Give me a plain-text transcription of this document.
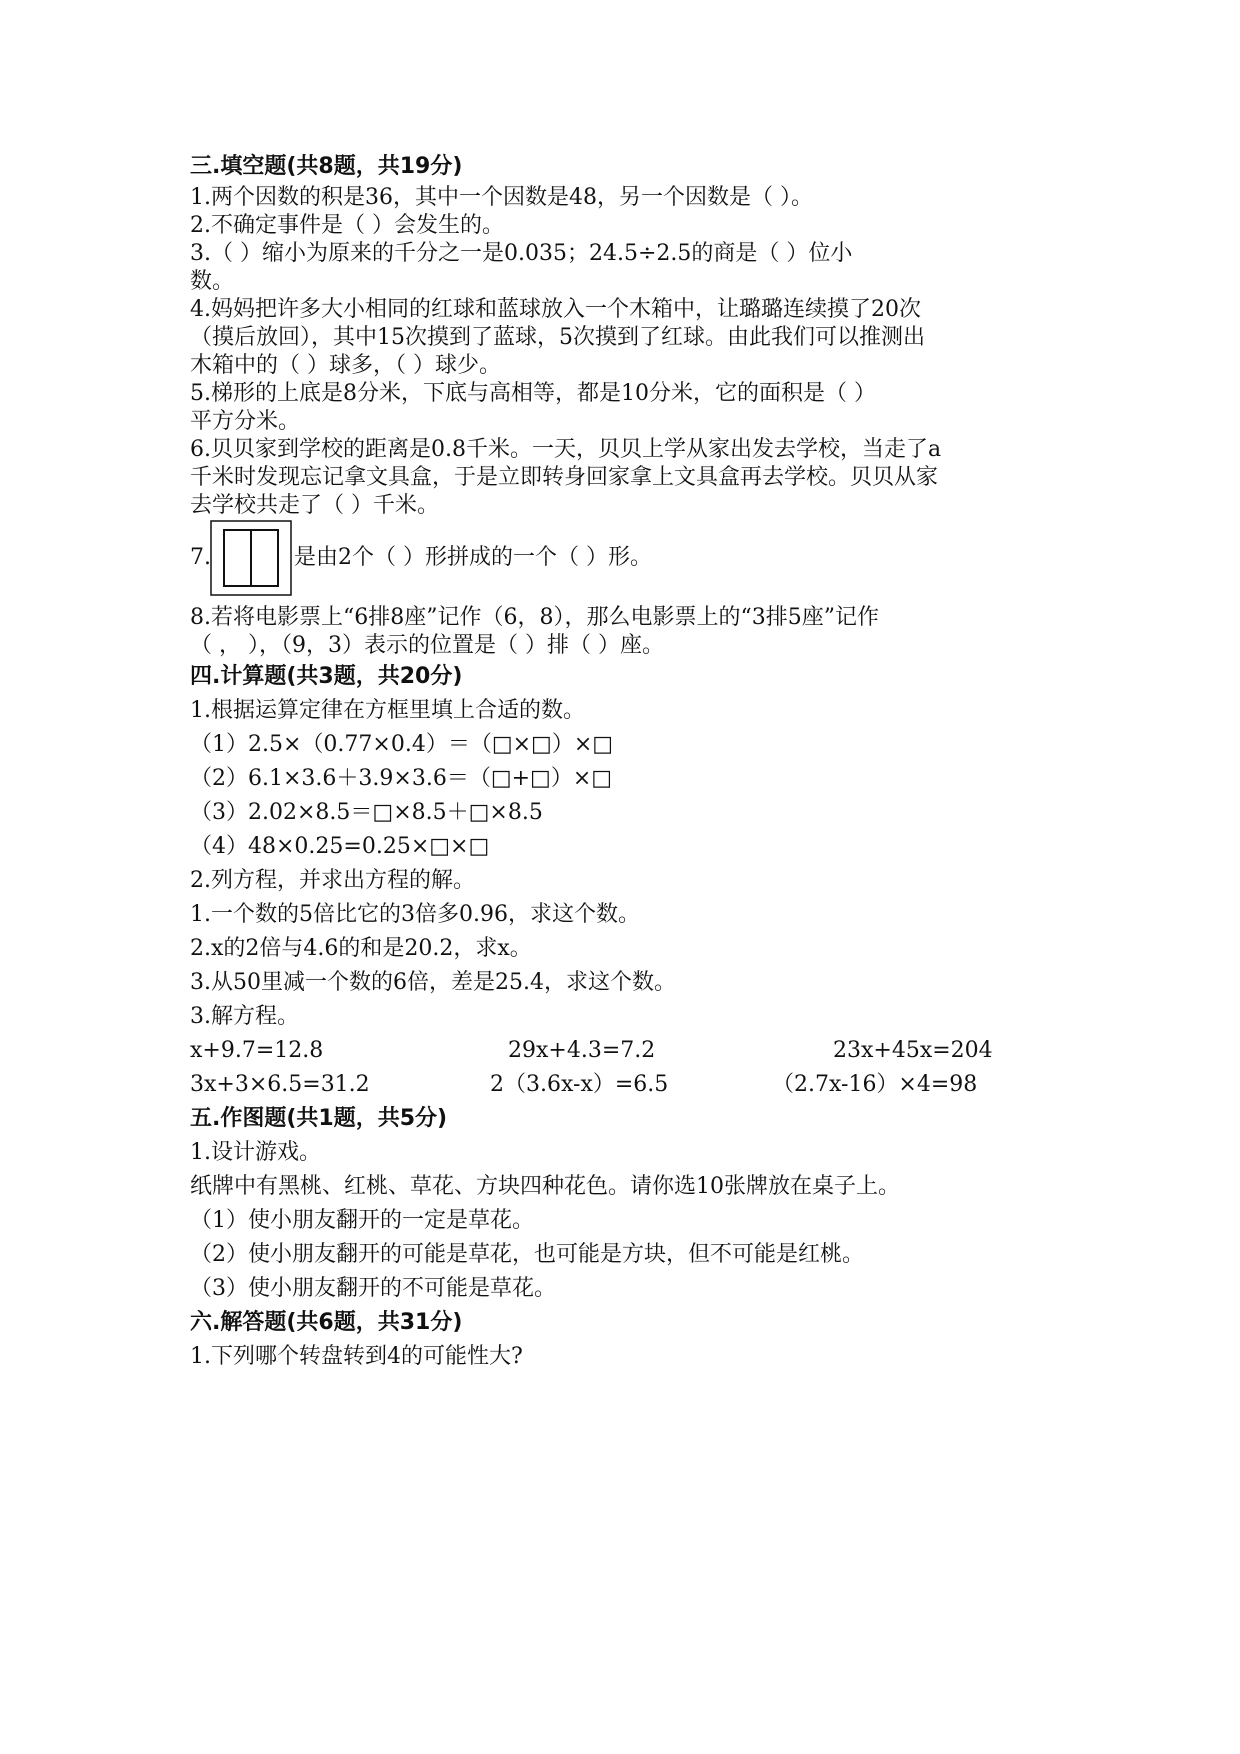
三.填空题(共8题，共19分)
1.两个因数的积是36，其中一个因数是48，另一个因数是（ ）。
2.不确定事件是（ ）会发生的。
3.（ ）缩小为原来的千分之一是0.035；24.5÷2.5的商是（ ）位小
数。
4.妈妈把许多大小相同的红球和蓝球放入一个木箱中，让璐璐连续摸了20次
（摸后放回），其中15次摸到了蓝球，5次摸到了红球。由此我们可以推测出
木箱中的（ ）球多，（ ）球少。
5.梯形的上底是8分米，下底与高相等，都是10分米，它的面积是（ ）
平方分米。
6.贝贝家到学校的距离是0.8千米。一天，贝贝上学从家出发去学校，当走了a
千米时发现忘记拿文具盒，于是立即转身回家拿上文具盒再去学校。贝贝从家
去学校共走了（ ）千米。
7.	是由2个（ ）形拼成的一个（ ）形。
8.若将电影票上“6排8座”记作（6，8），那么电影票上的“3排5座”记作
（ ， ），（9，3）表示的位置是（ ）排（ ）座。
四.计算题(共3题，共20分)
1.根据运算定律在方框里填上合适的数。
（1）2.5×（0.77×0.4）＝（□×□）×□
（2）6.1×3.6＋3.9×3.6＝（□+□）×□
（3）2.02×8.5＝□×8.5＋□×8.5
（4）48×0.25=0.25×□×□
2.列方程，并求出方程的解。
1.一个数的5倍比它的3倍多0.96，求这个数。
2.x的2倍与4.6的和是20.2，求x。
3.从50里减一个数的6倍，差是25.4，求这个数。
3.解方程。
x+9.7=12.8	29x+4.3=7.2	23x+45x=204
3x+3×6.5=31.2	2（3.6x-x）=6.5	（2.7x-16）×4=98
五.作图题(共1题，共5分)
1.设计游戏。
纸牌中有黑桃、红桃、草花、方块四种花色。请你选10张牌放在桌子上。
（1）使小朋友翻开的一定是草花。
（2）使小朋友翻开的可能是草花，也可能是方块，但不可能是红桃。
（3）使小朋友翻开的不可能是草花。
六.解答题(共6题，共31分)
1.下列哪个转盘转到4的可能性大?
